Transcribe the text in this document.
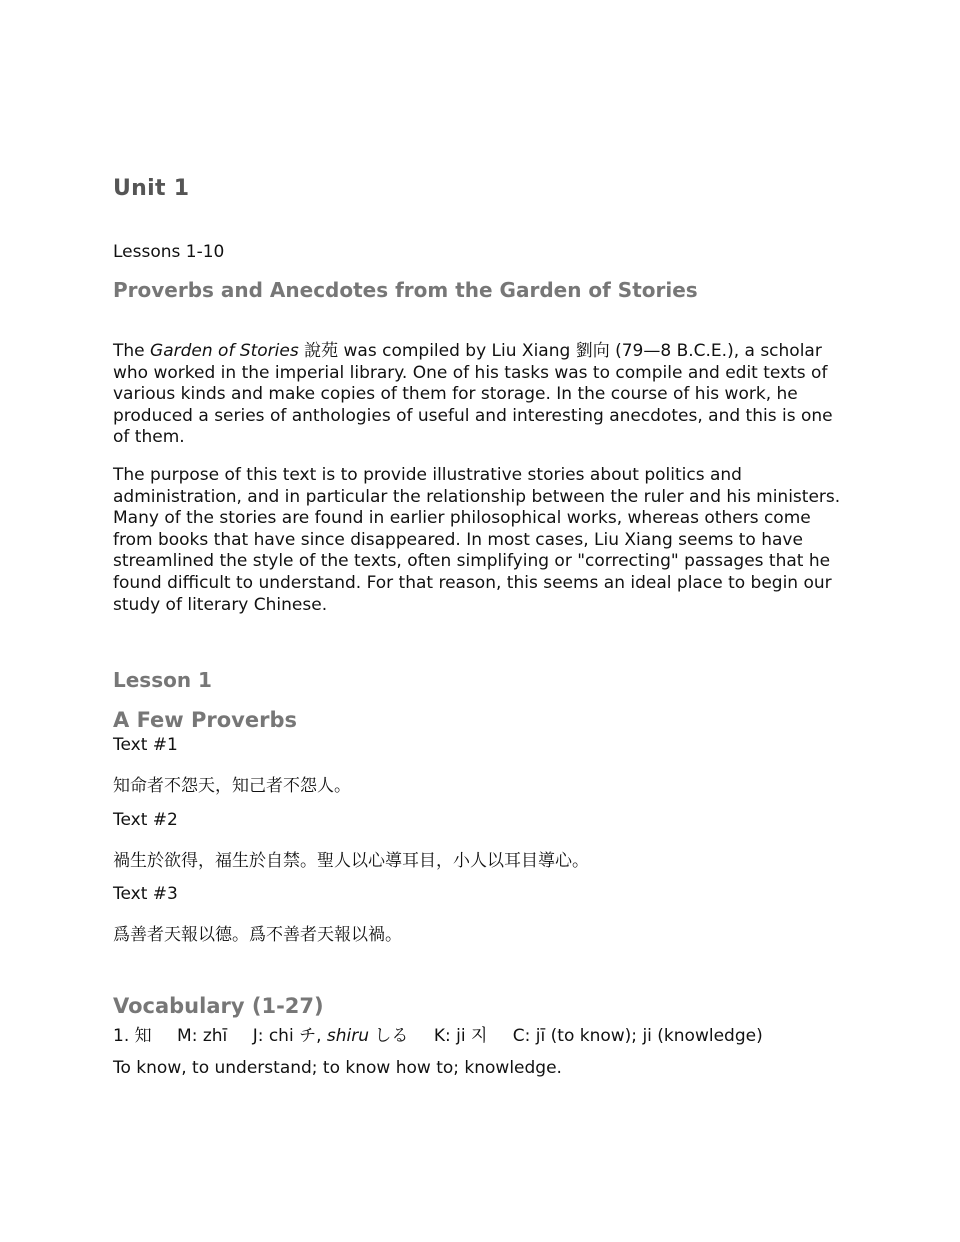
Unit 1
Lessons 1-10
Proverbs and Anecdotes from the Garden of Stories
The Garden of Stories 說苑 was compiled by Liu Xiang 劉向 (79—8 B.C.E.), a scholar who worked in the imperial library. One of his tasks was to compile and edit texts of various kinds and make copies of them for storage. In the course of his work, he produced a series of anthologies of useful and interesting anecdotes, and this is one of them.
The purpose of this text is to provide illustrative stories about politics and administration, and in particular the relationship between the ruler and his ministers. Many of the stories are found in earlier philosophical works, whereas others come from books that have since disappeared. In most cases, Liu Xiang seems to have streamlined the style of the texts, often simplifying or "correcting" passages that he found difficult to understand. For that reason, this seems an ideal place to begin our study of literary Chinese.
Lesson 1
A Few Proverbs
Text #1
知命者不怨天，知己者不怨人。
Text #2
禍生於欲得，福生於自禁。聖人以心導耳目，小人以耳目導心。
Text #3
爲善者天報以德。爲不善者天報以禍。
Vocabulary (1-27)
1. 知 M: zhī J: chi チ, shiru しる K: ji 지 C: jī (to know); ji (knowledge)
To know, to understand; to know how to; knowledge.
